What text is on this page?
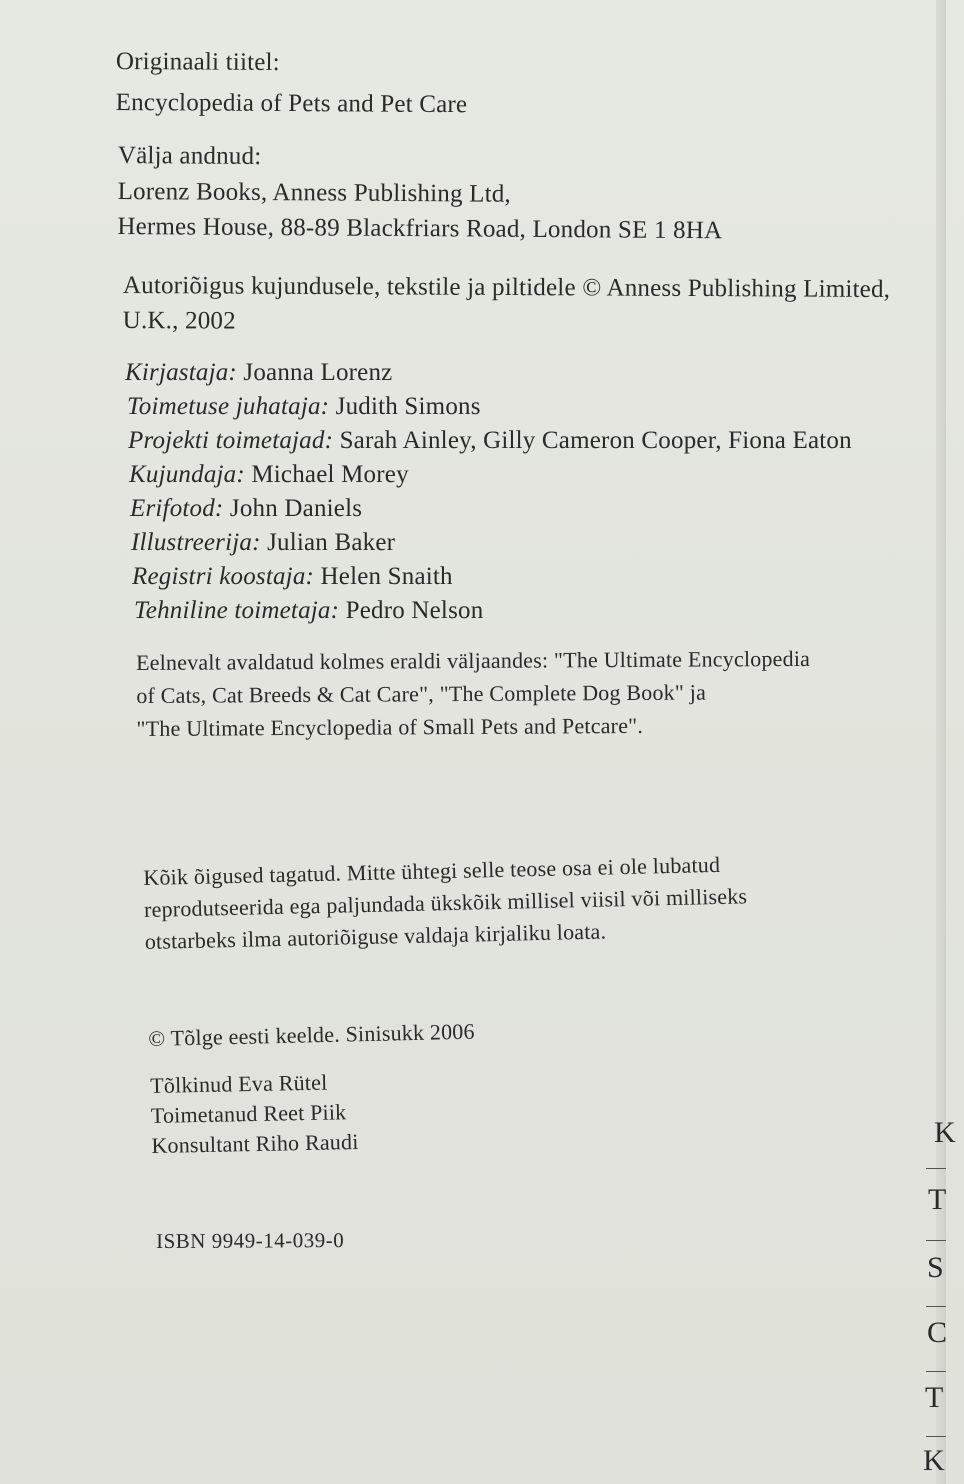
Originaali tiitel:
Encyclopedia of Pets and Pet Care
Välja andnud:
Lorenz Books, Anness Publishing Ltd,
Hermes House, 88-89 Blackfriars Road, London SE 1 8HA
Autoriõigus kujundusele, tekstile ja piltidele © Anness Publishing Limited,
U.K., 2002
Kirjastaja: Joanna Lorenz
Toimetuse juhataja: Judith Simons
Projekti toimetajad: Sarah Ainley, Gilly Cameron Cooper, Fiona Eaton
Kujundaja: Michael Morey
Erifotod: John Daniels
Illustreerija: Julian Baker
Registri koostaja: Helen Snaith
Tehniline toimetaja: Pedro Nelson
Eelnevalt avaldatud kolmes eraldi väljaandes: "The Ultimate Encyclopedia
of Cats, Cat Breeds & Cat Care", "The Complete Dog Book" ja
"The Ultimate Encyclopedia of Small Pets and Petcare".
Kõik õigused tagatud. Mitte ühtegi selle teose osa ei ole lubatud
reprodutseerida ega paljundada ükskõik millisel viisil või milliseks
otstarbeks ilma autoriõiguse valdaja kirjaliku loata.
© Tõlge eesti keelde. Sinisukk 2006
Tõlkinud Eva Rütel
Toimetanud Reet Piik
Konsultant Riho Raudi
ISBN 9949-14-039-0
K
T
S
C
T
K
